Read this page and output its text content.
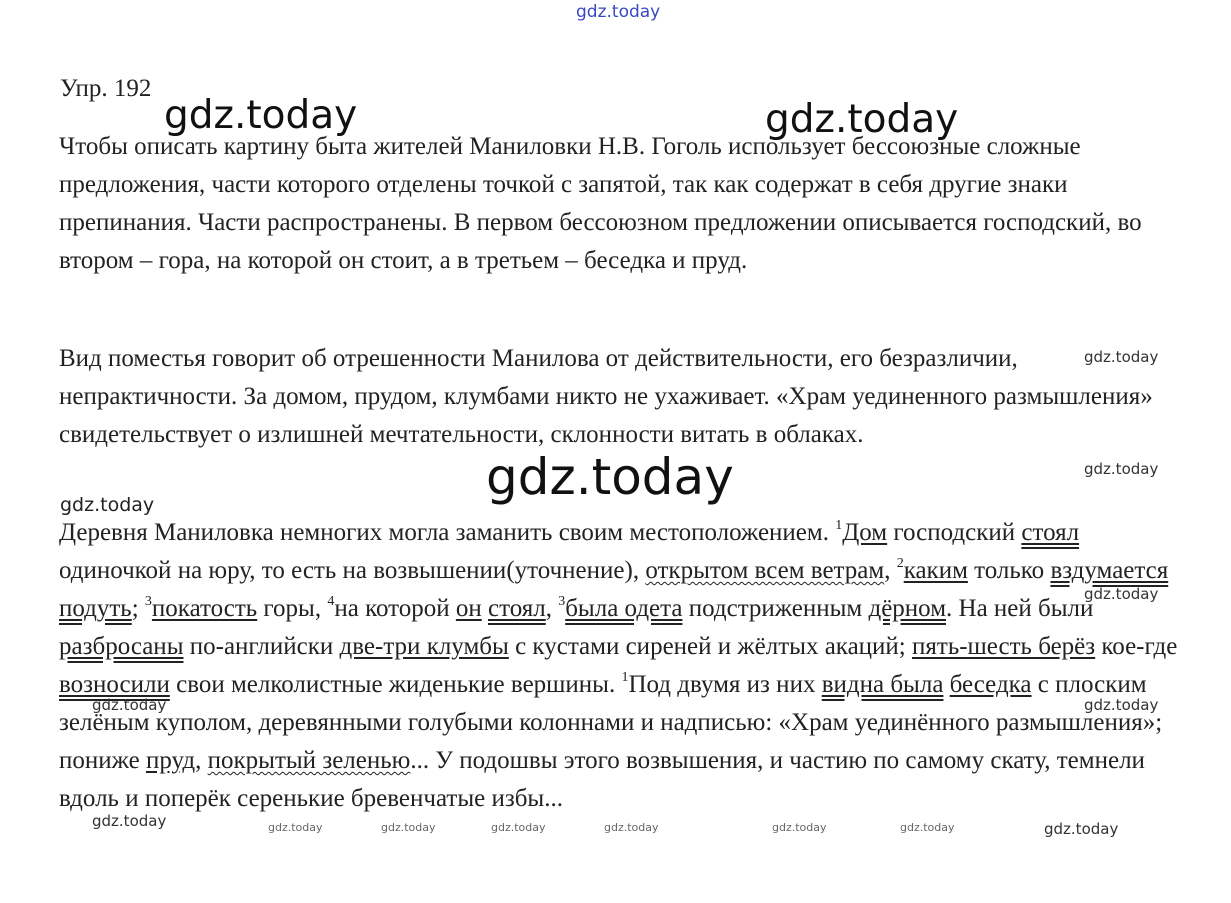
Упр. 192
Чтобы описать картину быта жителей Маниловки Н.В. Гоголь использует бессоюзные сложные предложения, части которого отделены точкой с запятой, так как содержат в себя другие знаки препинания. Части распространены. В первом бессоюзном предложении описывается господский, во втором – гора, на которой он стоит, а в третьем – беседка и пруд.
Вид поместья говорит об отрешенности Манилова от действительности, его безразличии, непрактичности. За домом, прудом, клумбами никто не ухаживает. «Храм уединенного размышления» свидетельствует о излишней мечтательности, склонности витать в облаках.
Деревня Маниловка немногих могла заманить своим местоположением. $^1$Дом господский стоял одиночкой на юру, то есть на возвышении(уточнение), открытом всем ветрам, $^2$каким только вздумается подуть; $^3$покатость горы, $^4$на которой он стоял, $^3$была одета подстриженным дёрном. На ней были разбросаны по-английски две-три клумбы с кустами сиреней и жёлтых акаций; пять-шесть берёз кое-где возносили свои мелколистные жиденькие вершины. $^1$Под двумя из них видна была беседка с плоским зелёным куполом, деревянными голубыми колоннами и надписью: «Храм уединённого размышления»; пониже пруд, покрытый зеленью... У подошвы этого возвышения, и частию по самому скату, темнели вдоль и поперёк серенькие бревенчатые избы...
gdz.today
gdz.today	gdz.today
gdz.today
gdz.today
gdz.today
gdz.today
gdz.today
gdz.today	gdz.today
gdz.today	gdz.today
gdz.today	gdz.today	gdz.today	gdz.today	gdz.today	gdz.today
